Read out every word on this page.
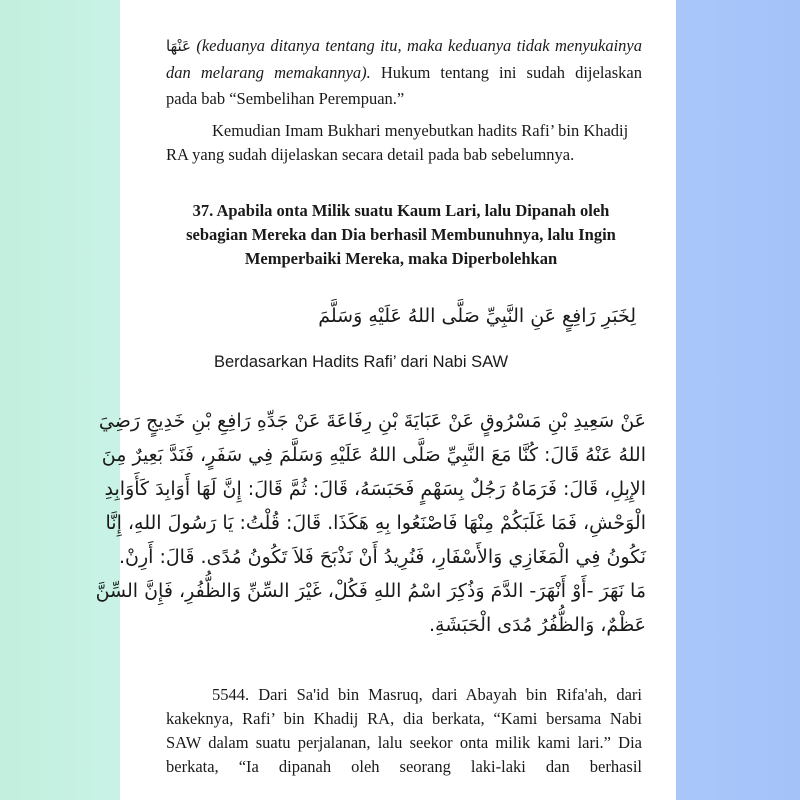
عَنْهَا (keduanya ditanya tentang itu, maka keduanya tidak menyukainya
dan melarang memakannya). Hukum tentang ini sudah dijelaskan
pada bab “Sembelihan Perempuan.”
Kemudian Imam Bukhari menyebutkan hadits Rafi’ bin Khadij
RA yang sudah dijelaskan secara detail pada bab sebelumnya.
37. Apabila onta Milik suatu Kaum Lari, lalu Dipanah oleh
sebagian Mereka dan Dia berhasil Membunuhnya, lalu Ingin
Memperbaiki Mereka, maka Diperbolehkan
لِخَبَرِ رَافِعٍ عَنِ النَّبِيِّ صَلَّى اللهُ عَلَيْهِ وَسَلَّمَ
Berdasarkan Hadits Rafi’ dari Nabi SAW
عَنْ سَعِيدِ بْنِ مَسْرُوقٍ عَنْ عَبَايَةَ بْنِ رِفَاعَةَ عَنْ جَدِّهِ رَافِعِ بْنِ خَدِيجٍ رَضِيَ
اللهُ عَنْهُ قَالَ: كُنَّا مَعَ النَّبِيِّ صَلَّى اللهُ عَلَيْهِ وَسَلَّمَ فِي سَفَرٍ، فَنَدَّ بَعِيرٌ مِنَ
الإِبِلِ، قَالَ: فَرَمَاهُ رَجُلٌ بِسَهْمٍ فَحَبَسَهُ، قَالَ: ثُمَّ قَالَ: إِنَّ لَهَا أَوَابِدَ كَأَوَابِدِ
الْوَحْشِ، فَمَا غَلَبَكُمْ مِنْهَا فَاصْنَعُوا بِهِ هَكَذَا. قَالَ: قُلْتُ: يَا رَسُولَ اللهِ، إِنَّا
نَكُونُ فِي الْمَغَازِي وَالأَسْفَارِ، فَنُرِيدُ أَنْ نَذْبَحَ فَلاَ تَكُونُ مُدًى. قَالَ: أَرِنْ.
مَا نَهَرَ -أَوْ أَنْهَرَ- الدَّمَ وَذُكِرَ اسْمُ اللهِ فَكُلْ، غَيْرَ السِّنِّ وَالظُّفُرِ، فَإِنَّ السِّنَّ
عَظْمٌ، وَالظُّفُرُ مُدَى الْحَبَشَةِ.
5544. Dari Sa'id bin Masruq, dari Abayah bin Rifa'ah, dari
kakeknya, Rafi’ bin Khadij RA, dia berkata, “Kami bersama Nabi
SAW dalam suatu perjalanan, lalu seekor onta milik kami lari.” Dia
berkata, “Ia dipanah oleh seorang laki-laki dan berhasil
